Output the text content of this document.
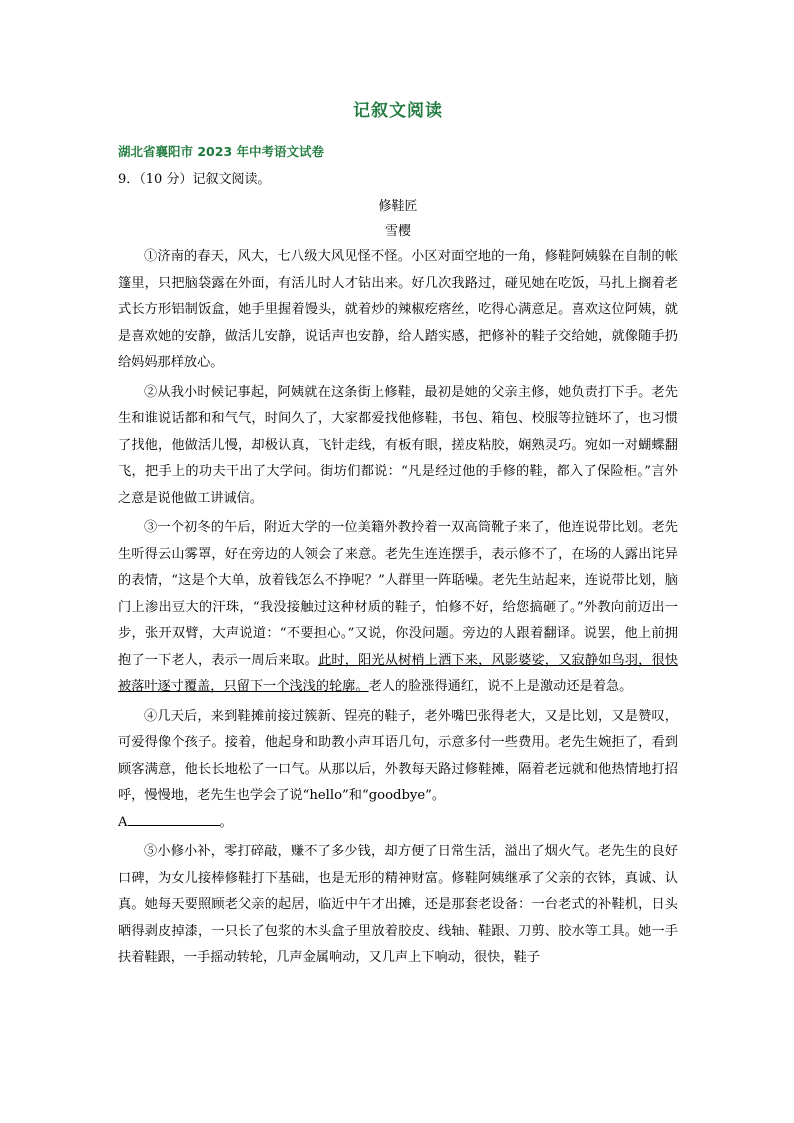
记叙文阅读
湖北省襄阳市 2023 年中考语文试卷
9．（10 分）记叙文阅读。
修鞋匠
雪樱

①济南的春天，风大，七八级大风见怪不怪。小区对面空地的一角，修鞋阿姨躲在自制的帐篷里，只把脑袋露在外面，有活儿时人才钻出来。好几次我路过，碰见她在吃饭，马扎上搁着老式长方形铝制饭盒，她手里握着馒头，就着炒的辣椒疙瘩丝，吃得心满意足。喜欢这位阿姨，就是喜欢她的安静，做活儿安静，说话声也安静，给人踏实感，把修补的鞋子交给她，就像随手扔给妈妈那样放心。

②从我小时候记事起，阿姨就在这条街上修鞋，最初是她的父亲主修，她负责打下手。老先生和谁说话都和和气气，时间久了，大家都爱找他修鞋，书包、箱包、校服等拉链坏了，也习惯了找他，他做活儿慢，却极认真，飞针走线，有板有眼，搓皮粘胶，娴熟灵巧。宛如一对蝴蝶翻飞，把手上的功夫干出了大学问。街坊们都说：“凡是经过他的手修的鞋，都入了保险柜。”言外之意是说他做工讲诚信。

③一个初冬的午后，附近大学的一位美籍外教拎着一双高筒靴子来了，他连说带比划。老先生听得云山雾罩，好在旁边的人领会了来意。老先生连连摆手，表示修不了，在场的人露出诧异的表情，“这是个大单，放着钱怎么不挣呢？”人群里一阵聒噪。老先生站起来，连说带比划，脑门上渗出豆大的汗珠，“我没接触过这种材质的鞋子，怕修不好，给您搞砸了。”外教向前迈出一步，张开双臂，大声说道：“不要担心。”又说，你没问题。旁边的人跟着翻译。说罢，他上前拥抱了一下老人，表示一周后来取。此时，阳光从树梢上洒下来，风影婆娑，又寂静如鸟羽，很快被落叶逐寸覆盖，只留下一个浅浅的轮廓。老人的脸涨得通红，说不上是激动还是着急。

④几天后，来到鞋摊前接过簇新、锃亮的鞋子，老外嘴巴张得老大，又是比划，又是赞叹，可爱得像个孩子。接着，他起身和助教小声耳语几句，示意多付一些费用。老先生婉拒了，看到顾客满意，他长长地松了一口气。从那以后，外教每天路过修鞋摊，隔着老远就和他热情地打招呼，慢慢地，老先生也学会了说“hello”和“goodbye”。
A	。

⑤小修小补，零打碎敲，赚不了多少钱，却方便了日常生活，溢出了烟火气。老先生的良好口碑，为女儿接棒修鞋打下基础，也是无形的精神财富。修鞋阿姨继承了父亲的衣钵，真诚、认真。她每天要照顾老父亲的起居，临近中午才出摊，还是那套老设备：一台老式的补鞋机，日头晒得剥皮掉漆，一只长了包浆的木头盒子里放着胶皮、线轴、鞋跟、刀剪、胶水等工具。她一手扶着鞋跟，一手摇动转轮，几声金属响动，又几声上下响动，很快，鞋子
